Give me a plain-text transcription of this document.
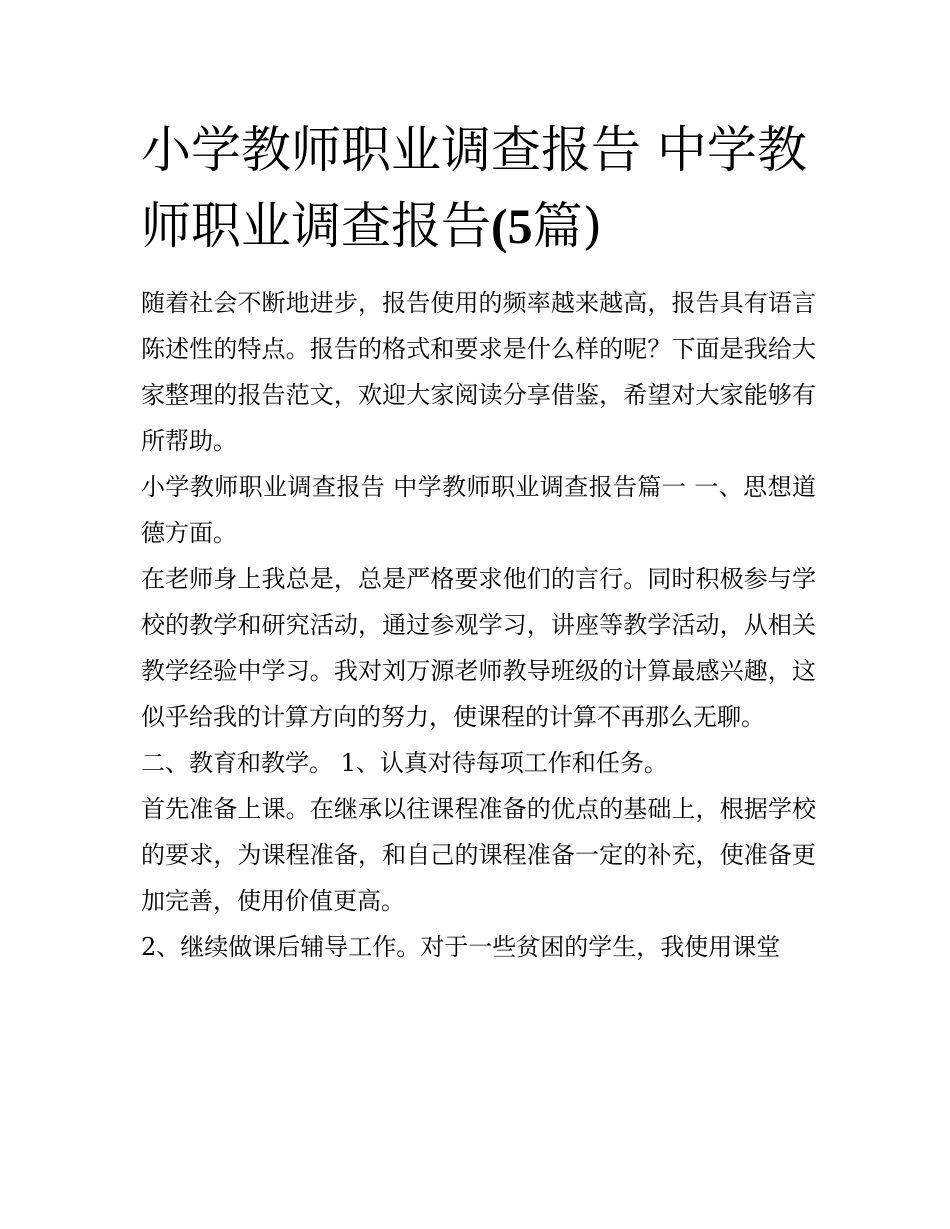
小学教师职业调查报告 中学教师职业调查报告(5篇)

随着社会不断地进步，报告使用的频率越来越高，报告具有语言陈述性的特点。报告的格式和要求是什么样的呢？下面是我给大家整理的报告范文，欢迎大家阅读分享借鉴，希望对大家能够有所帮助。

小学教师职业调查报告 中学教师职业调查报告篇一 一、思想道德方面。

在老师身上我总是，总是严格要求他们的言行。同时积极参与学校的教学和研究活动，通过参观学习，讲座等教学活动，从相关教学经验中学习。我对刘万源老师教导班级的计算最感兴趣，这似乎给我的计算方向的努力，使课程的计算不再那么无聊。

二、教育和教学。 1、认真对待每项工作和任务。

首先准备上课。在继承以往课程准备的优点的基础上，根据学校的要求，为课程准备，和自己的课程准备一定的补充，使准备更加完善，使用价值更高。

2、继续做课后辅导工作。对于一些贫困的学生，我使用课堂
